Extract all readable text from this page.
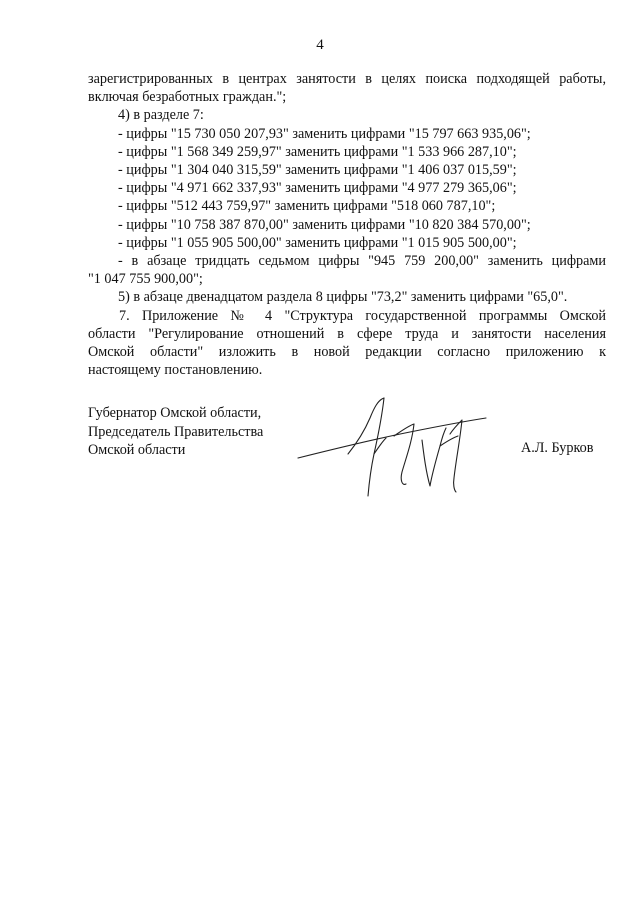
4
зарегистрированных в центрах занятости в целях поиска подходящей работы,
включая безработных граждан.";
4) в разделе 7:
- цифры "15 730 050 207,93" заменить цифрами "15 797 663 935,06";
- цифры "1 568 349 259,97" заменить цифрами "1 533 966 287,10";
- цифры "1 304 040 315,59" заменить цифрами "1 406 037 015,59";
- цифры "4 971 662 337,93" заменить цифрами "4 977 279 365,06";
- цифры "512 443 759,97" заменить цифрами "518 060 787,10";
- цифры "10 758 387 870,00" заменить цифрами "10 820 384 570,00";
- цифры "1 055 905 500,00" заменить цифрами "1 015 905 500,00";
- в абзаце тридцать седьмом цифры "945 759 200,00" заменить цифрами
"1 047 755 900,00";
5) в абзаце двенадцатом раздела 8 цифры "73,2" заменить цифрами "65,0".
7. Приложение № 4 "Структура государственной программы Омской
области "Регулирование отношений в сфере труда и занятости населения
Омской области" изложить в новой редакции согласно приложению к
настоящему постановлению.
Губернатор Омской области,
Председатель Правительства
Омской области	А.Л. Бурков
